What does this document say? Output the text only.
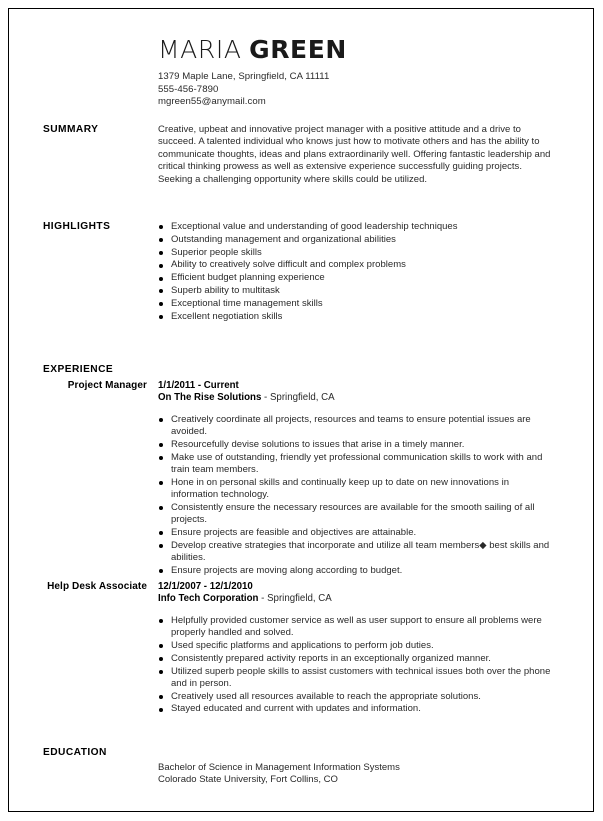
MARIA GREEN
1379 Maple Lane, Springfield, CA 11111
555-456-7890
mgreen55@anymail.com
SUMMARY	Creative, upbeat and innovative project manager with a positive attitude and a drive to succeed. A talented individual who knows just how to motivate others and has the ability to communicate thoughts, ideas and plans extraordinarily well. Offering fantastic leadership and critical thinking prowess as well as extensive experience successfully guiding projects. Seeking a challenging opportunity where skills could be utilized.
HIGHLIGHTS	Exceptional value and understanding of good leadership techniques
Outstanding management and organizational abilities
Superior people skills
Ability to creatively solve difficult and complex problems
Efficient budget planning experience
Superb ability to multitask
Exceptional time management skills
Excellent negotiation skills
EXPERIENCE
Project Manager 1/1/2011 - Current
On The Rise Solutions - Springfield, CA
Creatively coordinate all projects, resources and teams to ensure potential issues are avoided.
Resourcefully devise solutions to issues that arise in a timely manner.
Make use of outstanding, friendly yet professional communication skills to work with and train team members.
Hone in on personal skills and continually keep up to date on new innovations in information technology.
Consistently ensure the necessary resources are available for the smooth sailing of all projects.
Ensure projects are feasible and objectives are attainable.
Develop creative strategies that incorporate and utilize all team members◆ best skills and abilities.
Ensure projects are moving along according to budget.
Help Desk Associate 12/1/2007 - 12/1/2010
Info Tech Corporation - Springfield, CA
Helpfully provided customer service as well as user support to ensure all problems were properly handled and solved.
Used specific platforms and applications to perform job duties.
Consistently prepared activity reports in an exceptionally organized manner.
Utilized superb people skills to assist customers with technical issues both over the phone and in person.
Creatively used all resources available to reach the appropriate solutions.
Stayed educated and current with updates and information.
EDUCATION
Bachelor of Science in Management Information Systems
Colorado State University, Fort Collins, CO
